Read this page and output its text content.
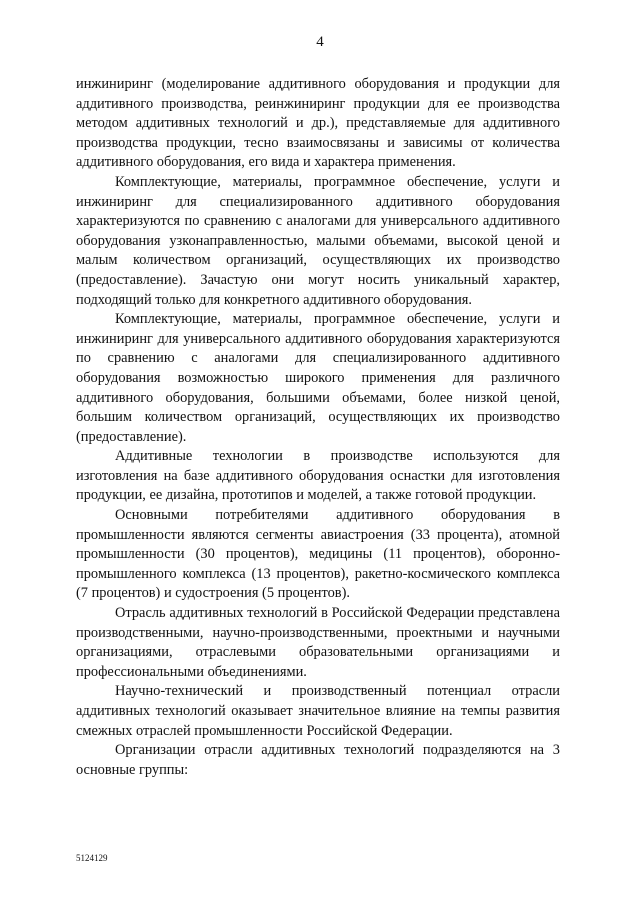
4

инжиниринг (моделирование аддитивного оборудования и продукции для аддитивного производства, реинжиниринг продукции для ее производства методом аддитивных технологий и др.), представляемые для аддитивного производства продукции, тесно взаимосвязаны и зависимы от количества аддитивного оборудования, его вида и характера применения.

Комплектующие, материалы, программное обеспечение, услуги и инжиниринг для специализированного аддитивного оборудования характеризуются по сравнению с аналогами для универсального аддитивного оборудования узконаправленностью, малыми объемами, высокой ценой и малым количеством организаций, осуществляющих их производство (предоставление). Зачастую они могут носить уникальный характер, подходящий только для конкретного аддитивного оборудования.

Комплектующие, материалы, программное обеспечение, услуги и инжиниринг для универсального аддитивного оборудования характеризуются по сравнению с аналогами для специализированного аддитивного оборудования возможностью широкого применения для различного аддитивного оборудования, большими объемами, более низкой ценой, большим количеством организаций, осуществляющих их производство (предоставление).

Аддитивные технологии в производстве используются для изготовления на базе аддитивного оборудования оснастки для изготовления продукции, ее дизайна, прототипов и моделей, а также готовой продукции.

Основными потребителями аддитивного оборудования в промышленности являются сегменты авиастроения (33 процента), атомной промышленности (30 процентов), медицины (11 процентов), оборонно-промышленного комплекса (13 процентов), ракетно-космического комплекса (7 процентов) и судостроения (5 процентов).

Отрасль аддитивных технологий в Российской Федерации представлена производственными, научно-производственными, проектными и научными организациями, отраслевыми образовательными организациями и профессиональными объединениями.

Научно-технический и производственный потенциал отрасли аддитивных технологий оказывает значительное влияние на темпы развития смежных отраслей промышленности Российской Федерации.

Организации отрасли аддитивных технологий подразделяются на 3 основные группы:

5124129
